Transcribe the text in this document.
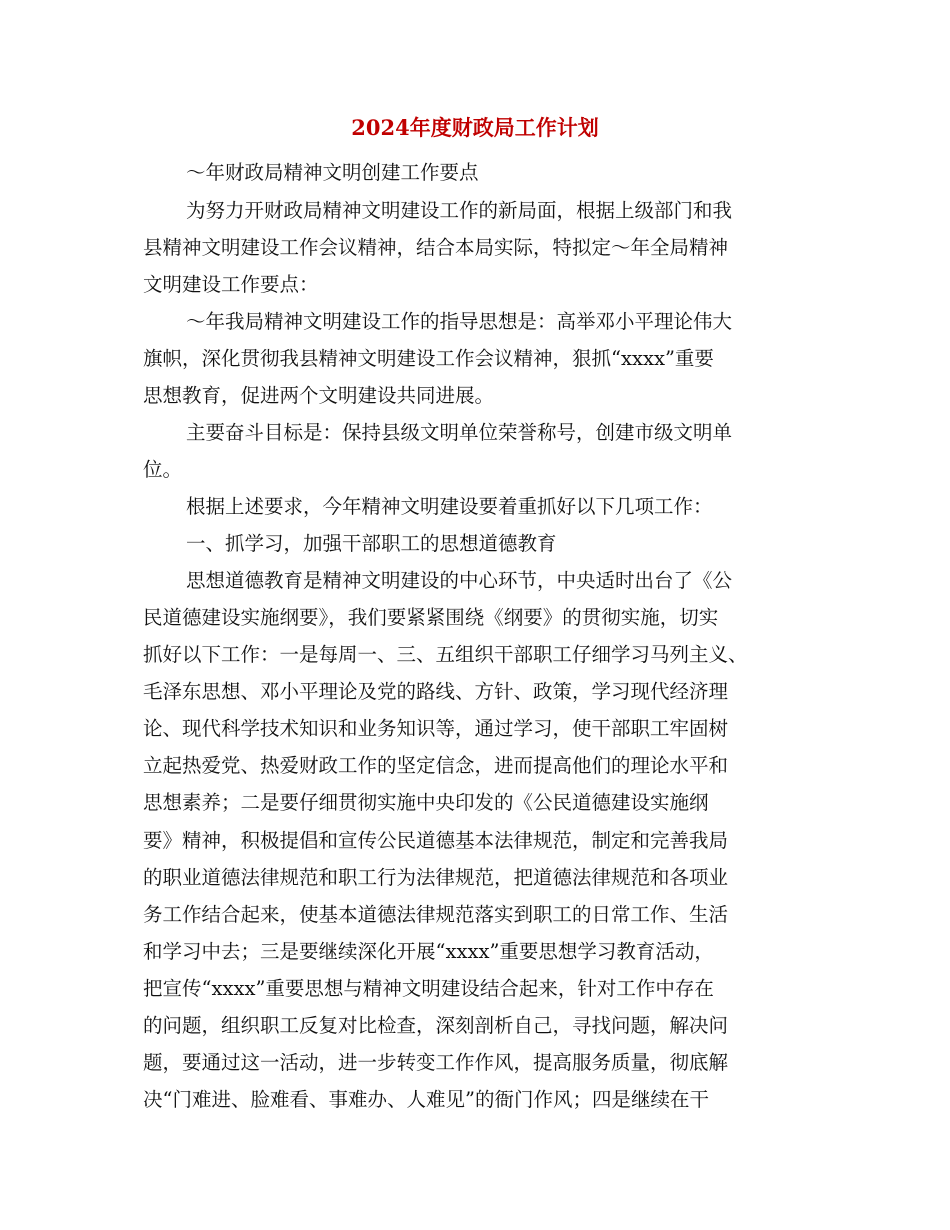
2024年度财政局工作计划
～年财政局精神文明创建工作要点
为努力开财政局精神文明建设工作的新局面，根据上级部门和我
县精神文明建设工作会议精神，结合本局实际，特拟定～年全局精神
文明建设工作要点：
～年我局精神文明建设工作的指导思想是：高举邓小平理论伟大
旗帜，深化贯彻我县精神文明建设工作会议精神，狠抓“xxxx”重要
思想教育，促进两个文明建设共同进展。
主要奋斗目标是：保持县级文明单位荣誉称号，创建市级文明单
位。
根据上述要求，今年精神文明建设要着重抓好以下几项工作：
一、抓学习，加强干部职工的思想道德教育
思想道德教育是精神文明建设的中心环节，中央适时出台了《公
民道德建设实施纲要》，我们要紧紧围绕《纲要》的贯彻实施，切实
抓好以下工作：一是每周一、三、五组织干部职工仔细学习马列主义、
毛泽东思想、邓小平理论及党的路线、方针、政策，学习现代经济理
论、现代科学技术知识和业务知识等，通过学习，使干部职工牢固树
立起热爱党、热爱财政工作的坚定信念，进而提高他们的理论水平和
思想素养；二是要仔细贯彻实施中央印发的《公民道德建设实施纲
要》精神，积极提倡和宣传公民道德基本法律规范，制定和完善我局
的职业道德法律规范和职工行为法律规范，把道德法律规范和各项业
务工作结合起来，使基本道德法律规范落实到职工的日常工作、生活
和学习中去；三是要继续深化开展“xxxx”重要思想学习教育活动，
把宣传“xxxx”重要思想与精神文明建设结合起来，针对工作中存在
的问题，组织职工反复对比检查，深刻剖析自己，寻找问题，解决问
题，要通过这一活动，进一步转变工作作风，提高服务质量，彻底解
决“门难进、脸难看、事难办、人难见”的衙门作风；四是继续在干
